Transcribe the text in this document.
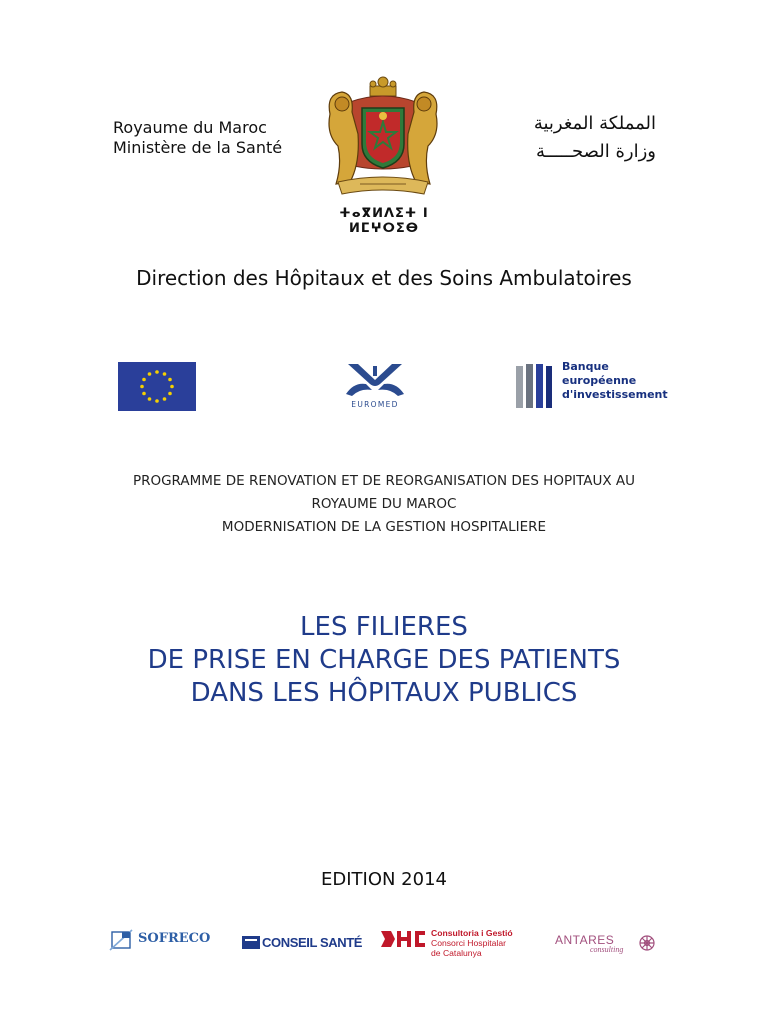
Royaume du Maroc
Ministère de la Santé
ⵜⴰⴳⵍⴷⵉⵜ ⵏ ⵍⵎⵖⵔⵉⴱ
المملكة المغربية
وزارة الصحـــــة
Direction des Hôpitaux et des Soins Ambulatoires
EUROMED
Banque
européenne
d'investissement
PROGRAMME DE RENOVATION ET DE REORGANISATION DES HOPITAUX AU
ROYAUME DU MAROC
MODERNISATION DE LA GESTION HOSPITALIERE
LES FILIERES
DE PRISE EN CHARGE DES PATIENTS
DANS LES HÔPITAUX PUBLICS
EDITION 2014
SOFRECO	CONSEIL SANTÉ
Consultoria i Gestió
Consorci Hospitalar
de Catalunya
ANTARES
consulting
